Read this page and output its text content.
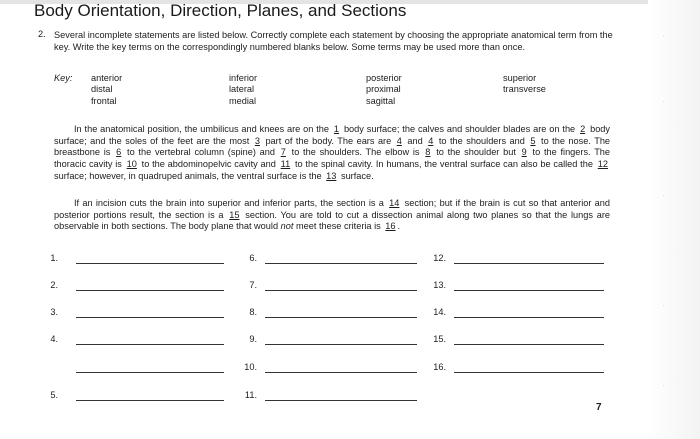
·
·
·
·
·
Body Orientation, Direction, Planes, and Sections
2. Several incomplete statements are listed below. Correctly complete each statement by choosing the appropriate anatomical term from the key. Write the key terms on the correspondingly numbered blanks below. Some terms may be used more than once.
Key: anterior
distal
frontal
inferior
lateral
medial
posterior
proximal
sagittal
superior
transverse
In the anatomical position, the umbilicus and knees are on the 1 body surface; the calves and shoulder blades are on the 2 body surface; and the soles of the feet are the most 3 part of the body. The ears are 4 and 4 to the shoulders and 5 to the nose. The breastbone is 6 to the vertebral column (spine) and 7 to the shoulders. The elbow is 8 to the shoulder but 9 to the fingers. The thoracic cavity is 10 to the abdominopelvic cavity and 11 to the spinal cavity. In humans, the ventral surface can also be called the 12 surface; however, in quadruped animals, the ventral surface is the 13 surface.
If an incision cuts the brain into superior and inferior parts, the section is a 14 section; but if the brain is cut so that anterior and posterior portions result, the section is a 15 section. You are told to cut a dissection animal along two planes so that the lungs are observable in both sections. The body plane that would not meet these criteria is 16 .
1.
2.
3.
4.
5.
6.
7.
8.
9.
10.
11.
12.
13.
14.
15.
16.
7
